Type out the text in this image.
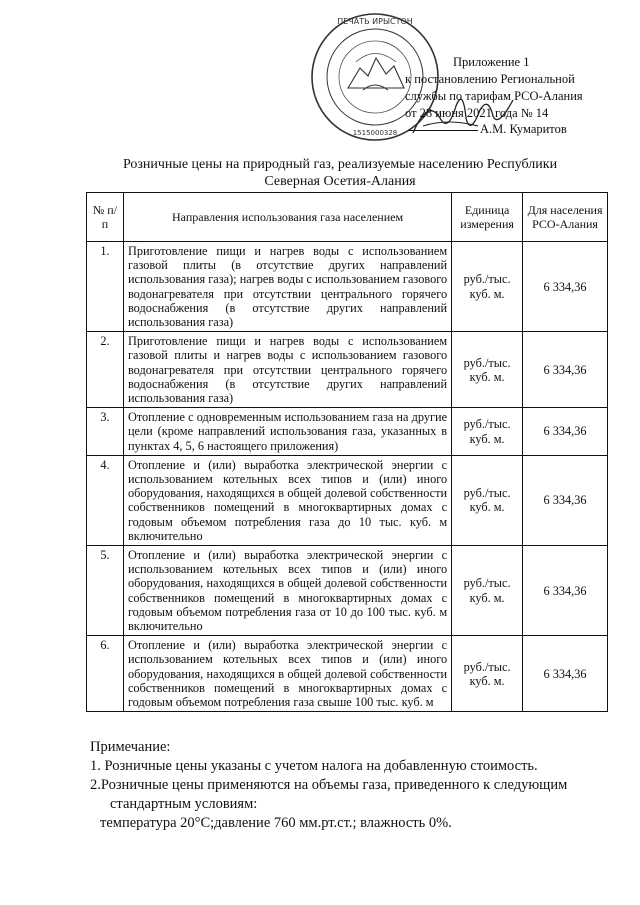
ПЕЧАТЬ ИРЫСТОН
1515000328
Приложение 1
к постановлению Региональной
службы по тарифам РСО-Алания
от 28 июня 2021 года № 14
А.М. Кумаритов
Розничные цены на природный газ, реализуемые населению Республики
Северная Осетия-Алания
№ п/п	Направления использования газа населением	Единица измерения	Для населения РСО-Алания
1.	Приготовление пищи и нагрев воды с использованием газовой плиты (в отсутствие других направлений использования газа); нагрев воды с использованием газового водонагревателя при отсутствии центрального горячего водоснабжения (в отсутствие других направлений использования газа)	руб./тыс. куб. м.	6 334,36
2.	Приготовление пищи и нагрев воды с использованием газовой плиты и нагрев воды с использованием газового водонагревателя при отсутствии центрального горячего водоснабжения (в отсутствие других направлений использования газа)	руб./тыс. куб. м.	6 334,36
3.	Отопление с одновременным использованием газа на другие цели (кроме направлений использования газа, указанных в пунктах 4, 5, 6 настоящего приложения)	руб./тыс. куб. м.	6 334,36
4.	Отопление и (или) выработка электрической энергии с использованием котельных всех типов и (или) иного оборудования, находящихся в общей долевой собственности собственников помещений в многоквартирных домах с годовым объемом потребления газа до 10 тыс. куб. м включительно	руб./тыс. куб. м.	6 334,36
5.	Отопление и (или) выработка электрической энергии с использованием котельных всех типов и (или) иного оборудования, находящихся в общей долевой собственности собственников помещений в многоквартирных домах с годовым объемом потребления газа от 10 до 100 тыс. куб. м включительно	руб./тыс. куб. м.	6 334,36
6.	Отопление и (или) выработка электрической энергии с использованием котельных всех типов и (или) иного оборудования, находящихся в общей долевой собственности собственников помещений в многоквартирных домах с годовым объемом потребления газа свыше 100 тыс. куб. м	руб./тыс. куб. м.	6 334,36
Примечание:
1. Розничные цены указаны с учетом налога на добавленную стоимость.
2.Розничные цены применяются на объемы газа, приведенного к следующим
стандартным условиям:
температура 20°С;давление 760 мм.рт.ст.; влажность 0%.
